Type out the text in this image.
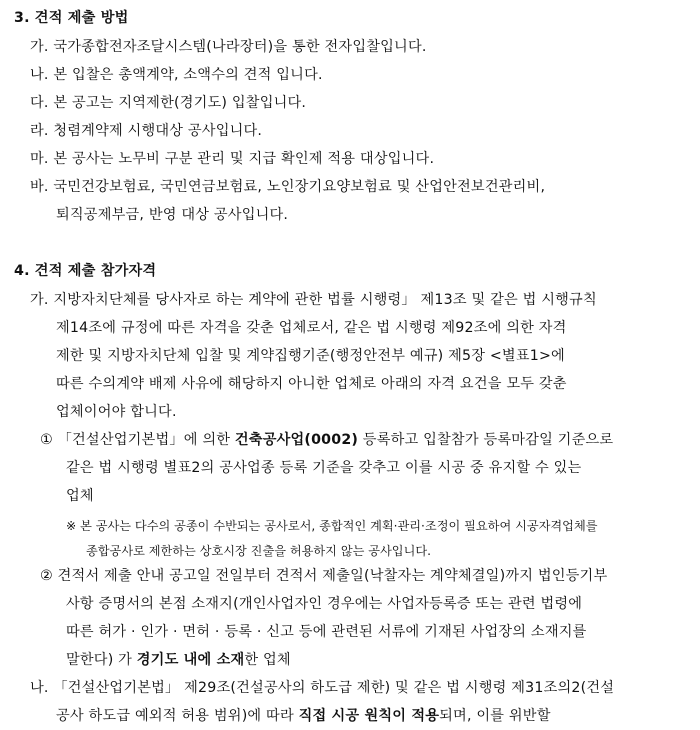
3. 견적 제출 방법
가. 국가종합전자조달시스템(나라장터)을 통한 전자입찰입니다.
나. 본 입찰은 총액계약, 소액수의 견적 입니다.
다. 본 공고는 지역제한(경기도) 입찰입니다.
라. 청렴계약제 시행대상 공사입니다.
마. 본 공사는 노무비 구분 관리 및 지급 확인제 적용 대상입니다.
바. 국민건강보험료, 국민연금보험료, 노인장기요양보험료 및 산업안전보건관리비,
퇴직공제부금, 반영 대상 공사입니다.
4. 견적 제출 참가자격
가. 지방자치단체를 당사자로 하는 계약에 관한 법률 시행령」 제13조 및 같은 법 시행규칙
제14조에 규정에 따른 자격을 갖춘 업체로서, 같은 법 시행령 제92조에 의한 자격
제한 및 지방자치단체 입찰 및 계약집행기준(행정안전부 예규) 제5장 <별표1>에
따른 수의계약 배제 사유에 해당하지 아니한 업체로 아래의 자격 요건을 모두 갖춘
업체이어야 합니다.
① 「건설산업기본법」에 의한 건축공사업(0002) 등록하고 입찰참가 등록마감일 기준으로
같은 법 시행령 별표2의 공사업종 등록 기준을 갖추고 이를 시공 중 유지할 수 있는
업체
※ 본 공사는 다수의 공종이 수반되는 공사로서, 종합적인 계획·관리·조정이 필요하여 시공자격업체를
종합공사로 제한하는 상호시장 진출을 허용하지 않는 공사입니다.
② 견적서 제출 안내 공고일 전일부터 견적서 제출일(낙찰자는 계약체결일)까지 법인등기부
사항 증명서의 본점 소재지(개인사업자인 경우에는 사업자등록증 또는 관련 법령에
따른 허가 · 인가 · 면허 · 등록 · 신고 등에 관련된 서류에 기재된 사업장의 소재지를
말한다) 가 경기도 내에 소재한 업체
나. 「건설산업기본법」 제29조(건설공사의 하도급 제한) 및 같은 법 시행령 제31조의2(건설
공사 하도급 예외적 허용 범위)에 따라 직접 시공 원칙이 적용되며, 이를 위반할
